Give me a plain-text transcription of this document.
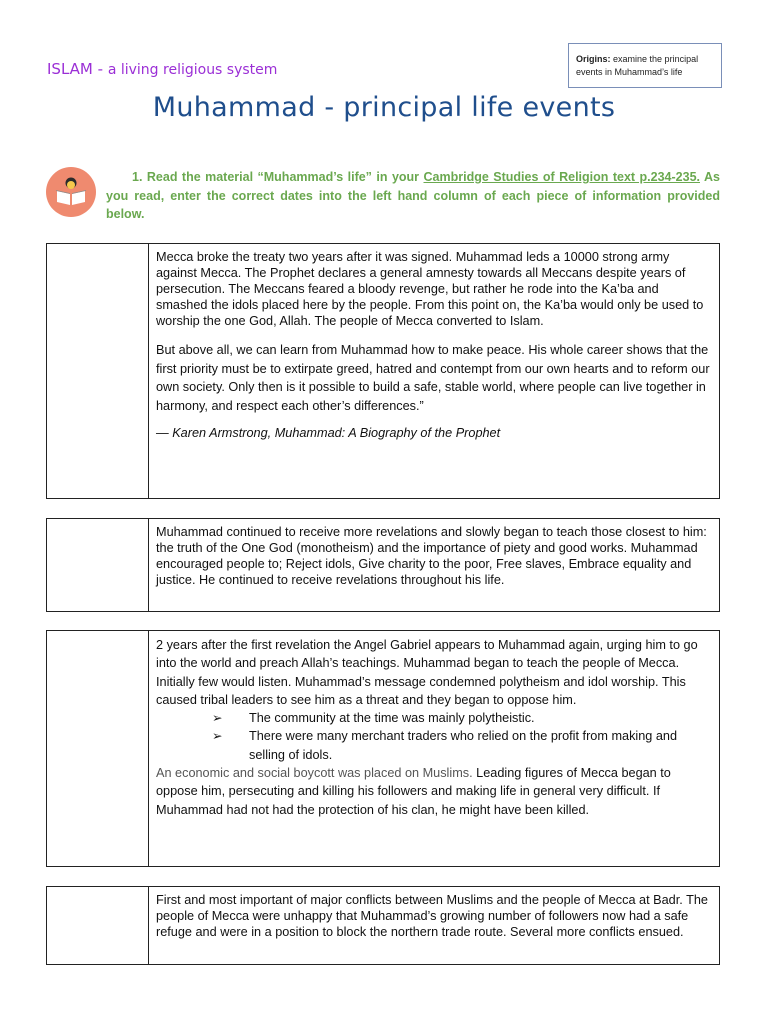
ISLAM - a living religious system
Origins: examine the principal events in Muhammad’s life
Muhammad - principal life events
1. Read the material “Muhammad’s life” in your Cambridge Studies of Religion text p.234-235. As you read, enter the correct dates into the left hand column of each piece of information provided below.

Mecca broke the treaty two years after it was signed. Muhammad leds a 10000 strong army against Mecca. The Prophet declares a general amnesty towards all Meccans despite years of persecution. The Meccans feared a bloody revenge, but rather he rode into the Ka’ba and smashed the idols placed here by the people. From this point on, the Ka’ba would only be used to worship the one God, Allah. The people of Mecca converted to Islam.

But above all, we can learn from Muhammad how to make peace. His whole career shows that the first priority must be to extirpate greed, hatred and contempt from our own hearts and to reform our own society. Only then is it possible to build a safe, stable world, where people can live together in harmony, and respect each other’s differences.”

— Karen Armstrong, Muhammad: A Biography of the Prophet

Muhammad continued to receive more revelations and slowly began to teach those closest to him: the truth of the One God (monotheism) and the importance of piety and good works. Muhammad encouraged people to; Reject idols, Give charity to the poor, Free slaves, Embrace equality and justice. He continued to receive revelations throughout his life.

2 years after the first revelation the Angel Gabriel appears to Muhammad again, urging him to go into the world and preach Allah’s teachings. Muhammad began to teach the people of Mecca. Initially few would listen. Muhammad’s message condemned polytheism and idol worship. This caused tribal leaders to see him as a threat and they began to oppose him.

➢ The community at the time was mainly polytheistic.
➢ There were many merchant traders who relied on the profit from making and selling of idols.

An economic and social boycott was placed on Muslims. Leading figures of Mecca began to oppose him, persecuting and killing his followers and making life in general very difficult. If Muhammad had not had the protection of his clan, he might have been killed.

First and most important of major conflicts between Muslims and the people of Mecca at Badr. The people of Mecca were unhappy that Muhammad’s growing number of followers now had a safe refuge and were in a position to block the northern trade route. Several more conflicts ensued.
